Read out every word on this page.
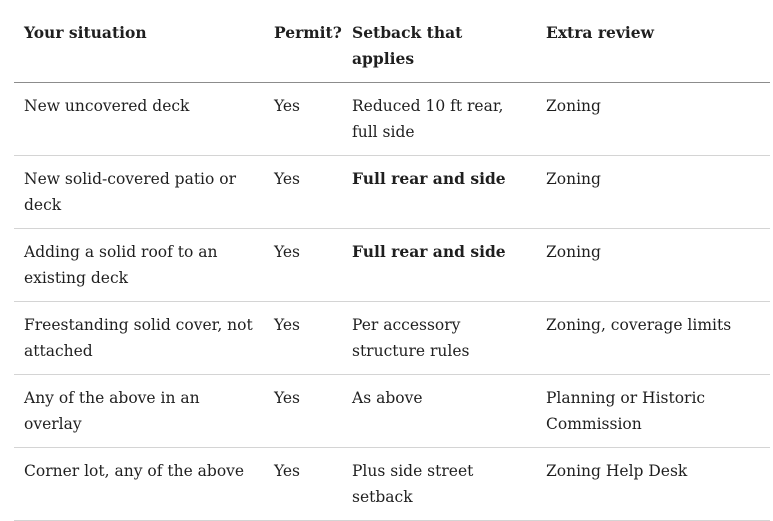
Your situation	Permit?	Setback that applies	Extra review
New uncovered deck	Yes	Reduced 10 ft rear, full side	Zoning
New solid-covered patio or deck	Yes	Full rear and side	Zoning
Adding a solid roof to an existing deck	Yes	Full rear and side	Zoning
Freestanding solid cover, not attached	Yes	Per accessory structure rules	Zoning, coverage limits
Any of the above in an overlay	Yes	As above	Planning or Historic Commission
Corner lot, any of the above	Yes	Plus side street setback	Zoning Help Desk
